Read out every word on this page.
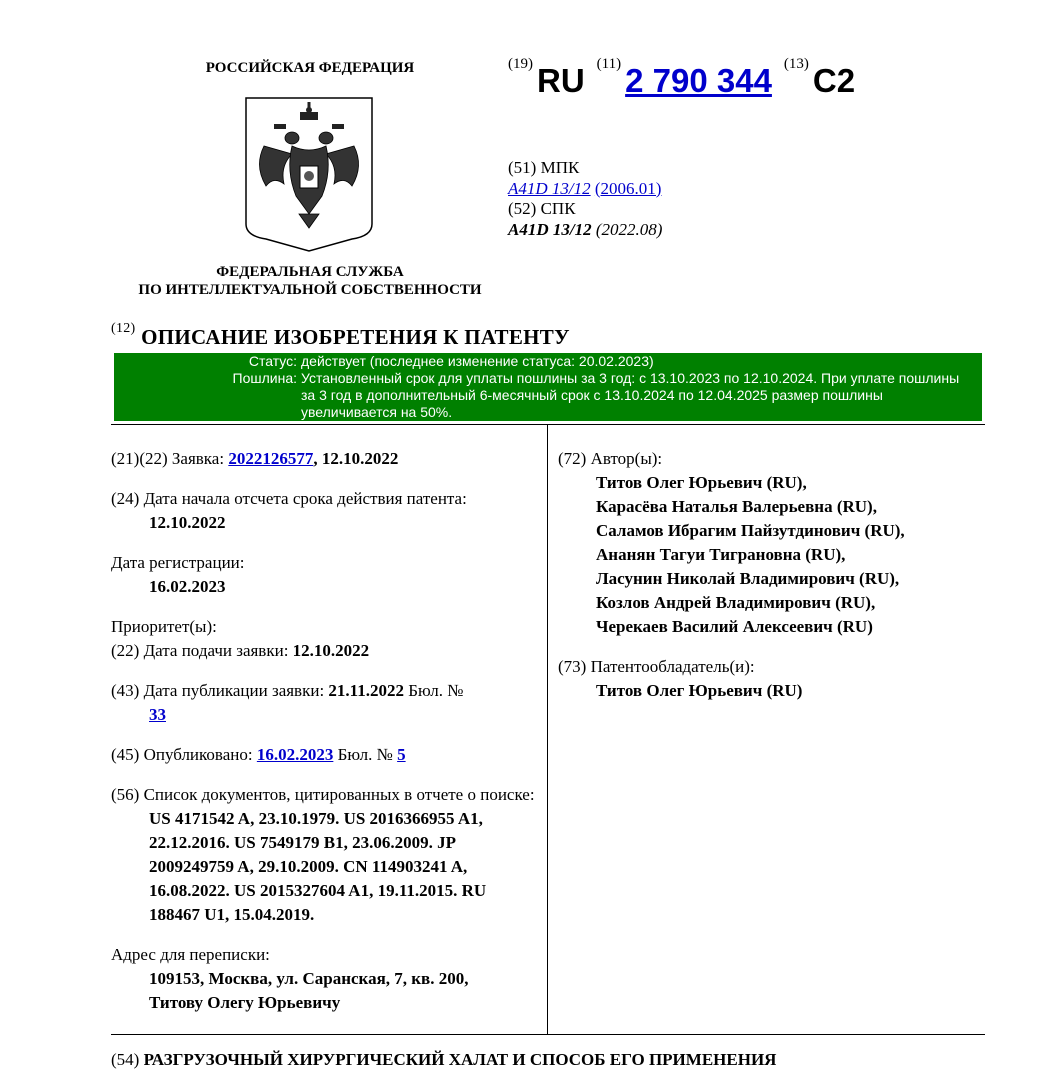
РОССИЙСКАЯ ФЕДЕРАЦИЯ
ФЕДЕРАЛЬНАЯ СЛУЖБА
ПО ИНТЕЛЛЕКТУАЛЬНОЙ СОБСТВЕННОСТИ
(19) RU (11) 2 790 344 (13) C2
(51) МПК
A41D 13/12 (2006.01)
(52) СПК
A41D 13/12 (2022.08)
$^{(12)}$ ОПИСАНИЕ ИЗОБРЕТЕНИЯ К ПАТЕНТУ
Статус: действует (последнее изменение статуса: 20.02.2023)
Пошлина: Установленный срок для уплаты пошлины за 3 год: с 13.10.2023 по 12.10.2024. При уплате пошлины за 3 год в дополнительный 6-месячный срок с 13.10.2024 по 12.04.2025 размер пошлины увеличивается на 50%.
(21)(22) Заявка: 2022126577, 12.10.2022
(24) Дата начала отсчета срока действия патента:
12.10.2022
Дата регистрации:
16.02.2023
Приоритет(ы):
(22) Дата подачи заявки: 12.10.2022
(43) Дата публикации заявки: 21.11.2022 Бюл. №
33
(45) Опубликовано: 16.02.2023 Бюл. № 5
(56) Список документов, цитированных в отчете о поиске: US 4171542 A, 23.10.1979. US 2016366955 A1, 22.12.2016. US 7549179 B1, 23.06.2009. JP 2009249759 A, 29.10.2009. CN 114903241 A, 16.08.2022. US 2015327604 A1, 19.11.2015. RU 188467 U1, 15.04.2019.
Адрес для переписки:
109153, Москва, ул. Саранская, 7, кв. 200,
Титову Олегу Юрьевичу
(72) Автор(ы):
Титов Олег Юрьевич (RU),
Карасёва Наталья Валерьевна (RU),
Саламов Ибрагим Пайзутдинович (RU),
Ананян Тагуи Тиграновна (RU),
Ласунин Николай Владимирович (RU),
Козлов Андрей Владимирович (RU),
Черекаев Василий Алексеевич (RU)
(73) Патентообладатель(и):
Титов Олег Юрьевич (RU)
(54) РАЗГРУЗОЧНЫЙ ХИРУРГИЧЕСКИЙ ХАЛАТ И СПОСОБ ЕГО ПРИМЕНЕНИЯ
